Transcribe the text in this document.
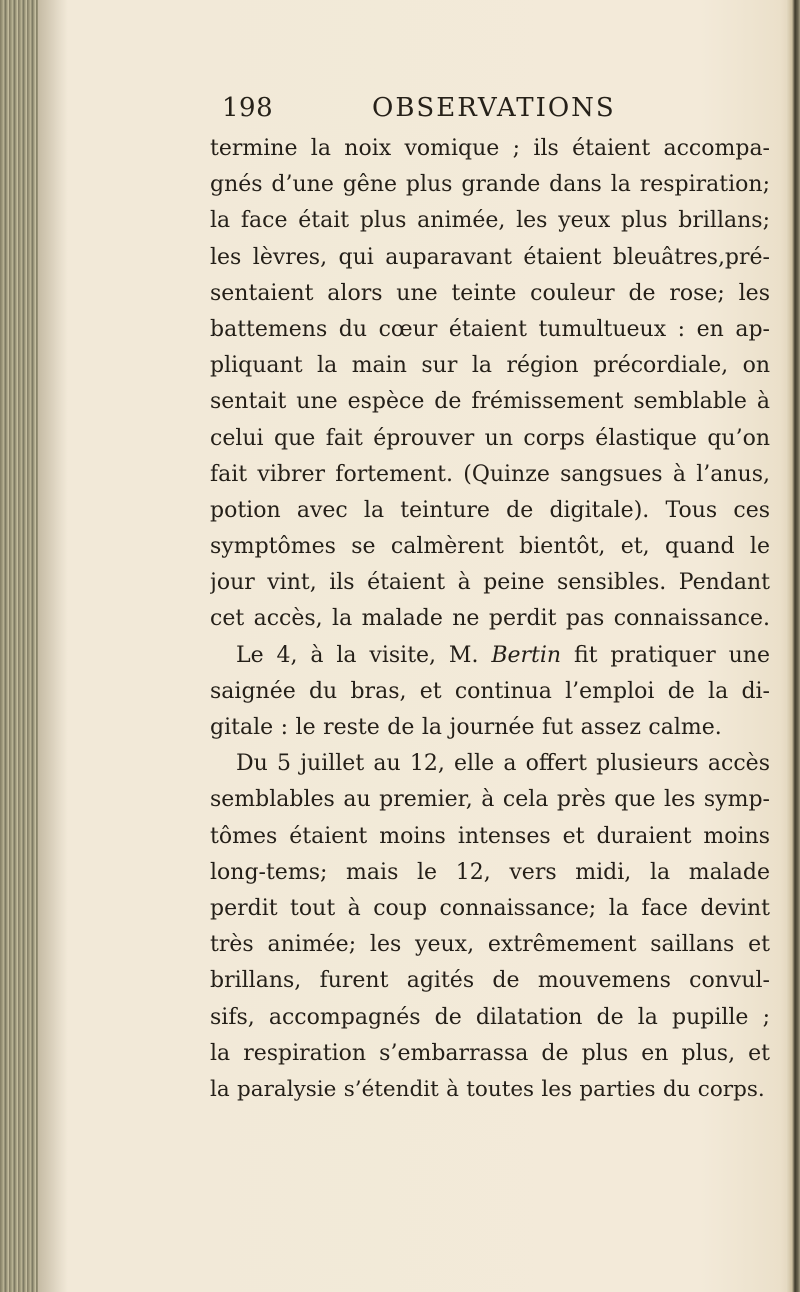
198	OBSERVATIONS
termine la noix vomique ; ils étaient accompa-
gnés d’une gêne plus grande dans la respiration;
la face était plus animée, les yeux plus brillans;
les lèvres, qui auparavant étaient bleuâtres,pré-
sentaient alors une teinte couleur de rose; les
battemens du cœur étaient tumultueux : en ap-
pliquant la main sur la région précordiale, on
sentait une espèce de frémissement semblable à
celui que fait éprouver un corps élastique qu’on
fait vibrer fortement. (Quinze sangsues à l’anus,
potion avec la teinture de digitale). Tous ces
symptômes se calmèrent bientôt, et, quand le
jour vint, ils étaient à peine sensibles. Pendant
cet accès, la malade ne perdit pas connaissance.
Le 4, à la visite, M. Bertin fit pratiquer une
saignée du bras, et continua l’emploi de la di-
gitale : le reste de la journée fut assez calme.
Du 5 juillet au 12, elle a offert plusieurs accès
semblables au premier, à cela près que les symp-
tômes étaient moins intenses et duraient moins
long-tems; mais le 12, vers midi, la malade
perdit tout à coup connaissance; la face devint
très animée; les yeux, extrêmement saillans et
brillans, furent agités de mouvemens convul-
sifs, accompagnés de dilatation de la pupille ;
la respiration s’embarrassa de plus en plus, et
la paralysie s’étendit à toutes les parties du corps.
